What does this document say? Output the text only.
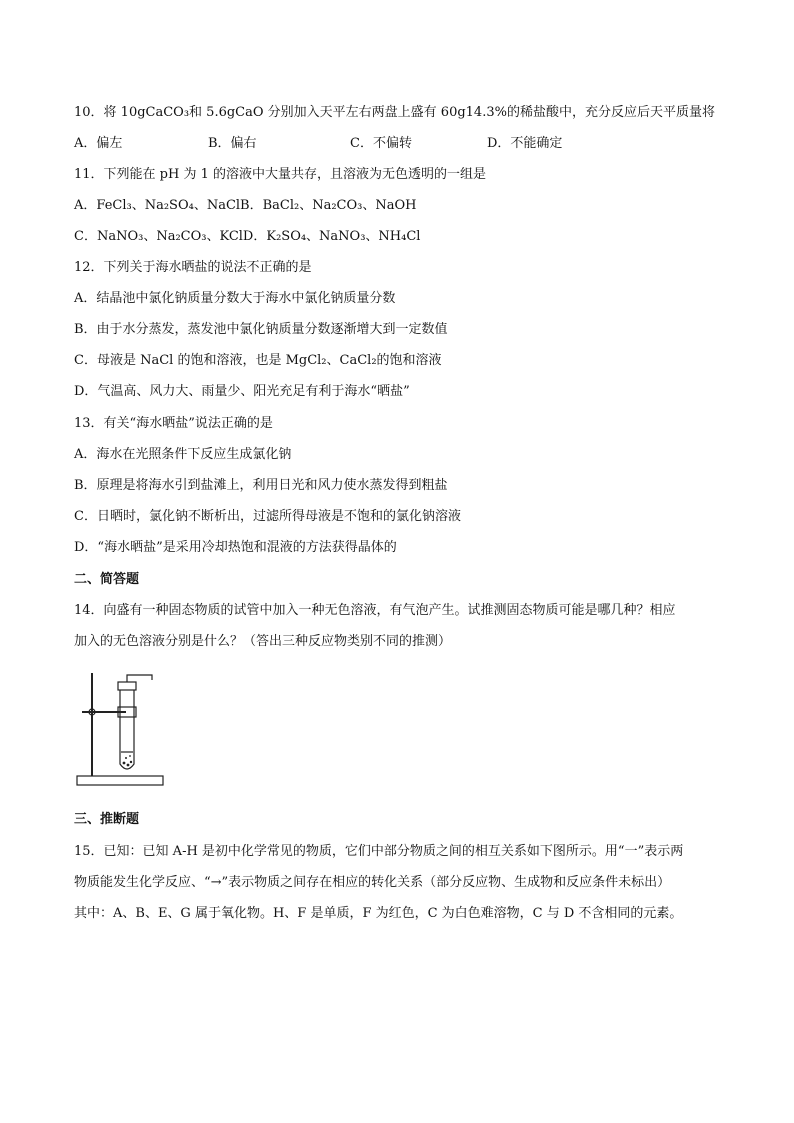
10．将 10gCaCO₃和 5.6gCaO 分别加入天平左右两盘上盛有 60g14.3%的稀盐酸中，充分反应后天平质量将
A．偏左	B．偏右	C．不偏转	D．不能确定
11．下列能在 pH 为 1 的溶液中大量共存，且溶液为无色透明的一组是
A．FeCl₃、Na₂SO₄、NaClB．BaCl₂、Na₂CO₃、NaOH
C．NaNO₃、Na₂CO₃、KClD．K₂SO₄、NaNO₃、NH₄Cl
12．下列关于海水晒盐的说法不正确的是
A．结晶池中氯化钠质量分数大于海水中氯化钠质量分数
B．由于水分蒸发，蒸发池中氯化钠质量分数逐渐增大到一定数值
C．母液是 NaCl 的饱和溶液，也是 MgCl₂、CaCl₂的饱和溶液
D．气温高、风力大、雨量少、阳光充足有利于海水“晒盐”
13．有关“海水晒盐”说法正确的是
A．海水在光照条件下反应生成氯化钠
B．原理是将海水引到盐滩上，利用日光和风力使水蒸发得到粗盐
C．日晒时，氯化钠不断析出，过滤所得母液是不饱和的氯化钠溶液
D．“海水晒盐”是采用冷却热饱和混液的方法获得晶体的
二、简答题
14．向盛有一种固态物质的试管中加入一种无色溶液，有气泡产生。试推测固态物质可能是哪几种？相应
加入的无色溶液分别是什么？（答出三种反应物类别不同的推测）
三、推断题
15．已知：已知 A-H 是初中化学常见的物质，它们中部分物质之间的相互关系如下图所示。用“一”表示两
物质能发生化学反应、“→”表示物质之间存在相应的转化关系（部分反应物、生成物和反应条件未标出）
其中：A、B、E、G 属于氧化物。H、F 是单质，F 为红色，C 为白色难溶物，C 与 D 不含相同的元素。
